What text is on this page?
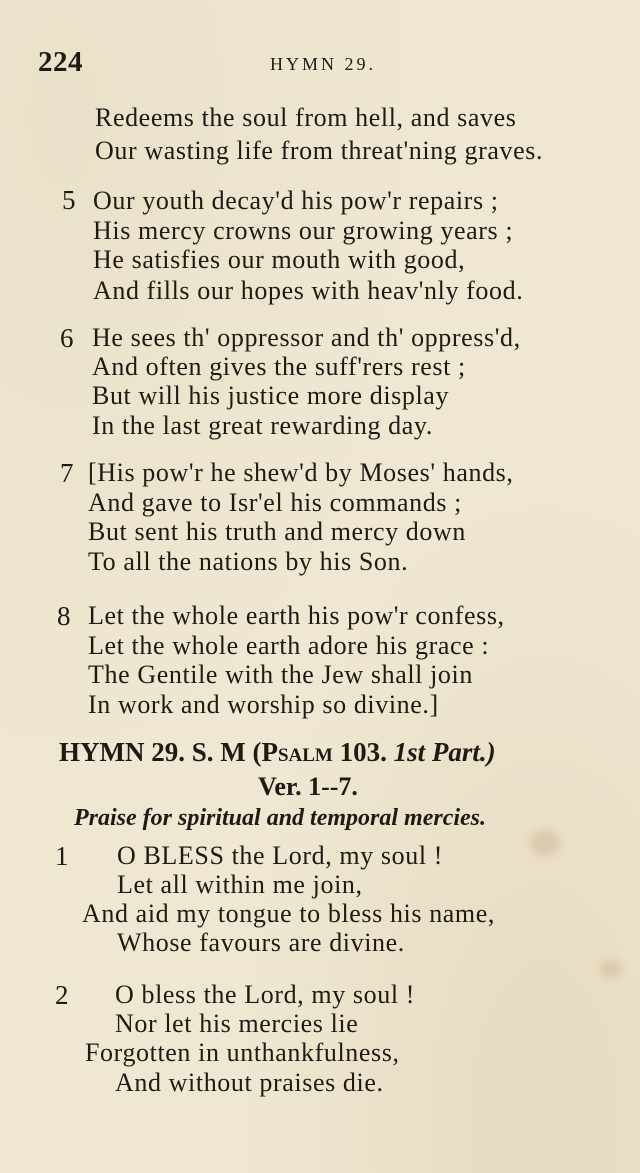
224	HYMN 29.
Redeems the soul from hell, and saves
Our wasting life from threat'ning graves.
5 Our youth decay'd his pow'r repairs ;
His mercy crowns our growing years ;
He satisfies our mouth with good,
And fills our hopes with heav'nly food.
6 He sees th' oppressor and th' oppress'd,
And often gives the suff'rers rest ;
But will his justice more display
In the last great rewarding day.
7 [His pow'r he shew'd by Moses' hands,
And gave to Isr'el his commands ;
But sent his truth and mercy down
To all the nations by his Son.
8 Let the whole earth his pow'r confess,
Let the whole earth adore his grace :
The Gentile with the Jew shall join
In work and worship so divine.]
HYMN 29. S. M (Psalm 103. 1st Part.)
Ver. 1--7.
Praise for spiritual and temporal mercies.
1 O BLESS the Lord, my soul !
Let all within me join,
And aid my tongue to bless his name,
Whose favours are divine.
2 O bless the Lord, my soul !
Nor let his mercies lie
Forgotten in unthankfulness,
And without praises die.
